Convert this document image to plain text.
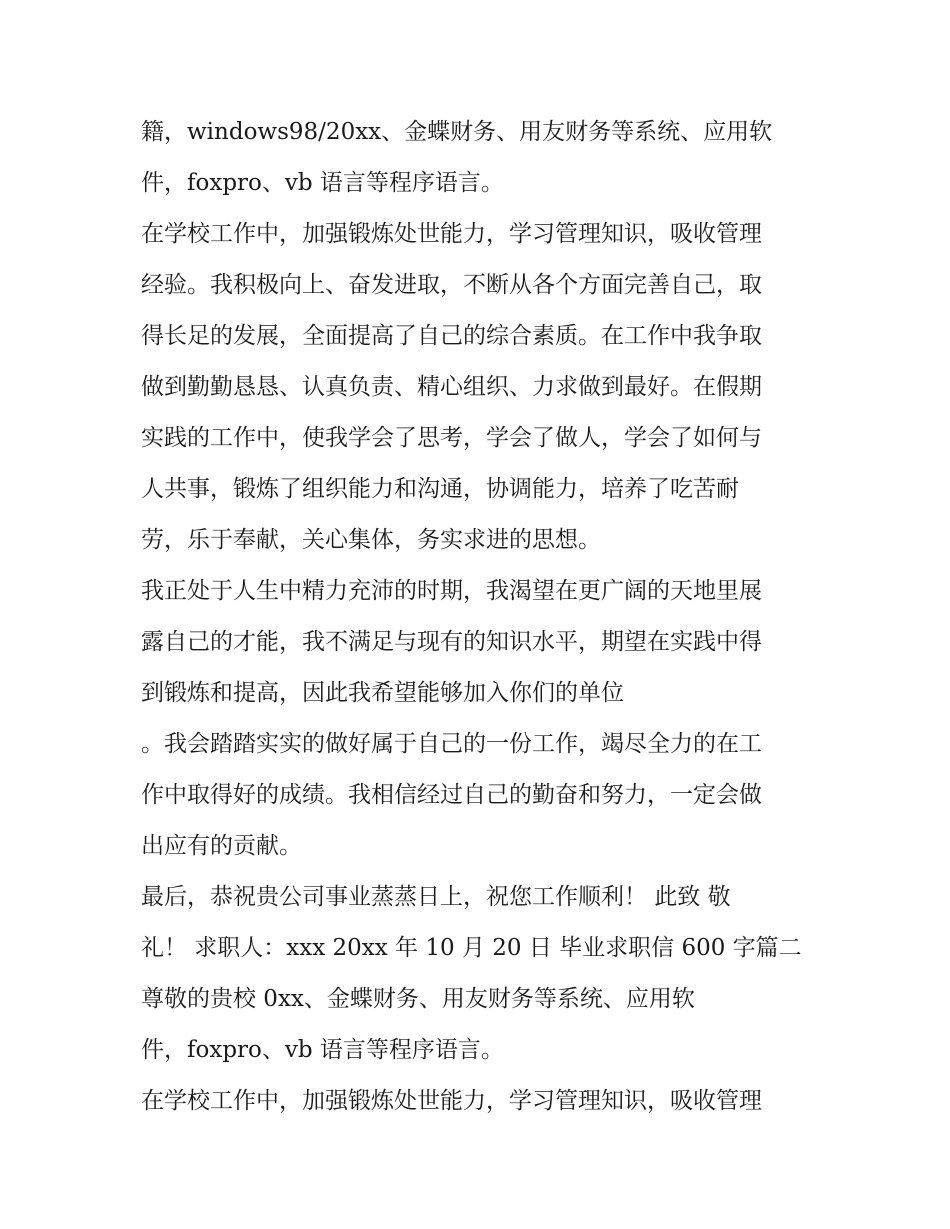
籍，windows98/20xx、金蝶财务、用友财务等系统、应用软
件，foxpro、vb 语言等程序语言。
在学校工作中，加强锻炼处世能力，学习管理知识，吸收管理
经验。我积极向上、奋发进取，不断从各个方面完善自己，取
得长足的发展，全面提高了自己的综合素质。在工作中我争取
做到勤勤恳恳、认真负责、精心组织、力求做到最好。在假期
实践的工作中，使我学会了思考，学会了做人，学会了如何与
人共事，锻炼了组织能力和沟通，协调能力，培养了吃苦耐
劳，乐于奉献，关心集体，务实求进的思想。
我正处于人生中精力充沛的时期，我渴望在更广阔的天地里展
露自己的才能，我不满足与现有的知识水平，期望在实践中得
到锻炼和提高，因此我希望能够加入你们的单位
。我会踏踏实实的做好属于自己的一份工作，竭尽全力的在工
作中取得好的成绩。我相信经过自己的勤奋和努力，一定会做
出应有的贡献。
最后，恭祝贵公司事业蒸蒸日上，祝您工作顺利！ 此致 敬
礼！ 求职人：xxx 20xx 年 10 月 20 日 毕业求职信 600 字篇二
尊敬的贵校 0xx、金蝶财务、用友财务等系统、应用软
件，foxpro、vb 语言等程序语言。
在学校工作中，加强锻炼处世能力，学习管理知识，吸收管理
